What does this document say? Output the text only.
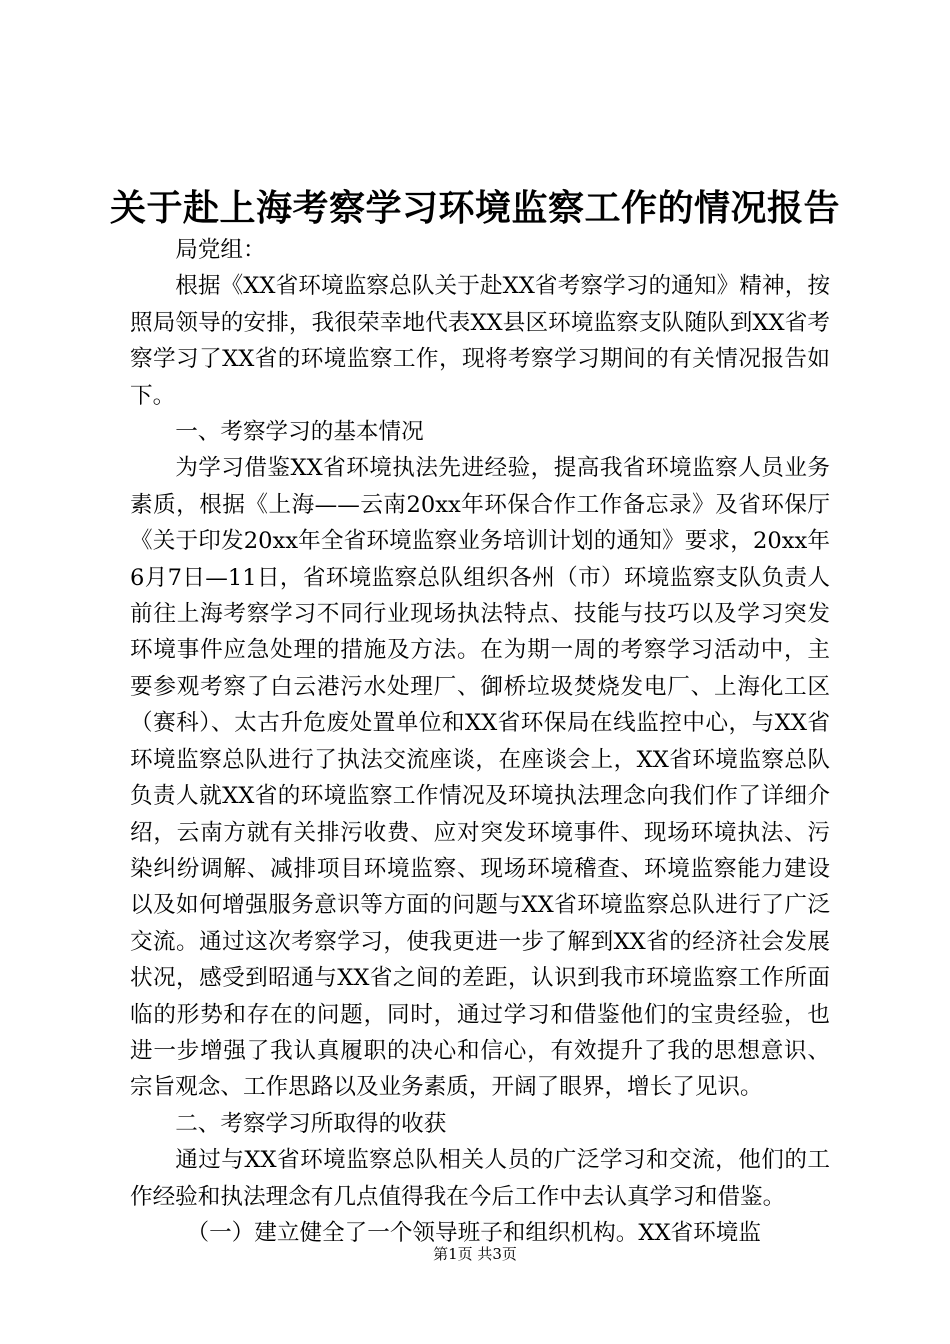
关于赴上海考察学习环境监察工作的情况报告

局党组：

根据《XX省环境监察总队关于赴XX省考察学习的通知》精神，按照局领导的安排，我很荣幸地代表XX县区环境监察支队随队到XX省考察学习了XX省的环境监察工作，现将考察学习期间的有关情况报告如下。

一、考察学习的基本情况

为学习借鉴XX省环境执法先进经验，提高我省环境监察人员业务素质，根据《上海——云南20xx年环保合作工作备忘录》及省环保厅《关于印发20xx年全省环境监察业务培训计划的通知》要求，20xx年6月7日—11日，省环境监察总队组织各州（市）环境监察支队负责人前往上海考察学习不同行业现场执法特点、技能与技巧以及学习突发环境事件应急处理的措施及方法。在为期一周的考察学习活动中，主要参观考察了白云港污水处理厂、御桥垃圾焚烧发电厂、上海化工区（赛科）、太古升危废处置单位和XX省环保局在线监控中心，与XX省环境监察总队进行了执法交流座谈，在座谈会上，XX省环境监察总队负责人就XX省的环境监察工作情况及环境执法理念向我们作了详细介绍，云南方就有关排污收费、应对突发环境事件、现场环境执法、污染纠纷调解、减排项目环境监察、现场环境稽查、环境监察能力建设以及如何增强服务意识等方面的问题与XX省环境监察总队进行了广泛交流。通过这次考察学习，使我更进一步了解到XX省的经济社会发展状况，感受到昭通与XX省之间的差距，认识到我市环境监察工作所面临的形势和存在的问题，同时，通过学习和借鉴他们的宝贵经验，也进一步增强了我认真履职的决心和信心，有效提升了我的思想意识、宗旨观念、工作思路以及业务素质，开阔了眼界，增长了见识。

二、考察学习所取得的收获

通过与XX省环境监察总队相关人员的广泛学习和交流，他们的工作经验和执法理念有几点值得我在今后工作中去认真学习和借鉴。

（一）建立健全了一个领导班子和组织机构。XX省环境监

第1页 共3页
